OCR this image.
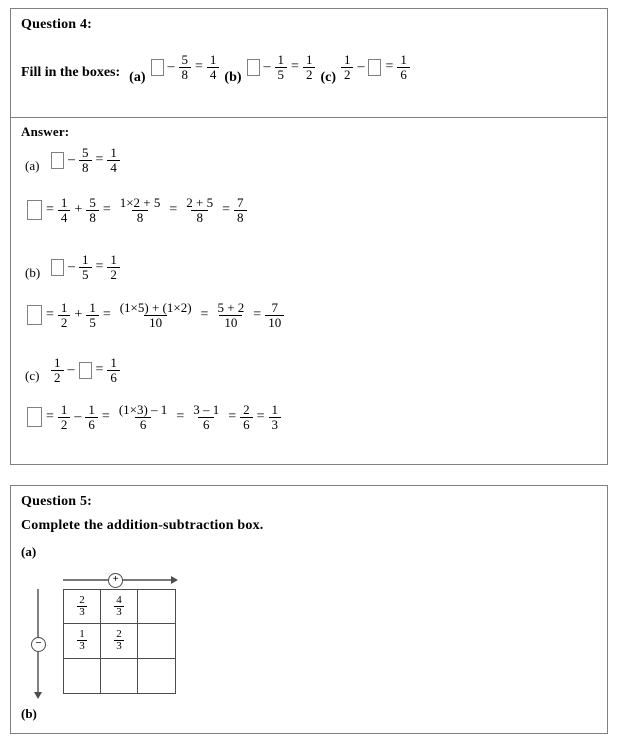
Question 4:
Fill in the boxes: (a)
– $\frac{5}{8} = \frac{1}{4} (b)$
– $\frac{1}{5} = \frac{1}{2} (c) \frac{1}{2}$ – = $\frac{1}{6}$
Answer:
(a)	– $\frac{5}{8} = \frac{1}{4}$
= $\frac{1}{4} + \frac{5}{8} = \frac{1\times 2 + 5}{8} = \frac{2 + 5}{8} = \frac{7}{8}$
(b)	– $\frac{1}{5} = \frac{1}{2}$
= $\frac{1}{2} + \frac{1}{5} = \frac{(1\times 5) + (1\times 2)}{10} = \frac{5 + 2}{10} = \frac{7}{10}$
$(c) \frac{1}{2}$ – = $\frac{1}{6}$
= $\frac{1}{2} - \frac{1}{6} = \frac{(1\times 3) - 1}{6} = \frac{3 - 1}{6} = \frac{2}{6} = \frac{1}{3}$
Question 5:
Complete the addition-subtraction box.
(a)
+
−
$\frac{2}{3}$	$\frac{4}{3}$
$\frac{1}{3}$	$\frac{2}{3}$
(b)
